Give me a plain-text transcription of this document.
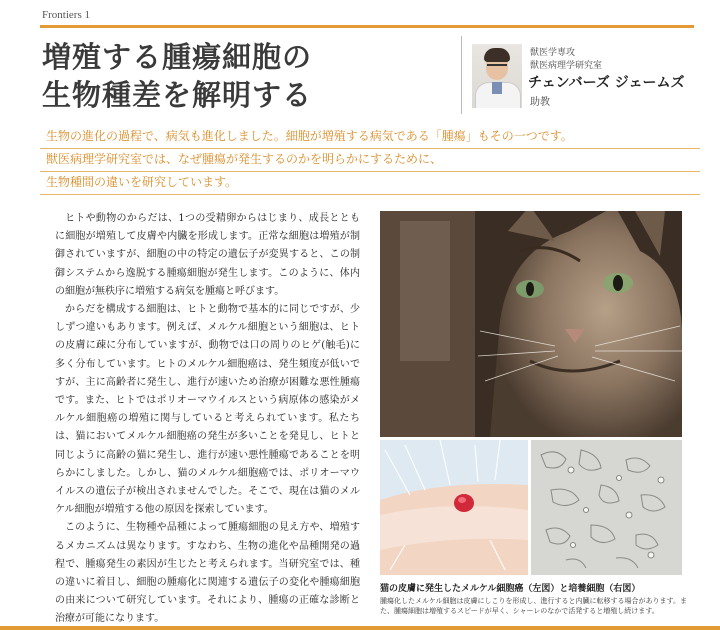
Frontiers 1
増殖する腫瘍細胞の
生物種差を解明する
獣医学専攻
獣医病理学研究室
チェンバーズ ジェームズ
助教
生物の進化の過程で、病気も進化しました。細胞が増殖する病気である「腫瘍」もその一つです。
獣医病理学研究室では、なぜ腫瘍が発生するのかを明らかにするために、
生物種間の違いを研究しています。

ヒトや動物のからだは、1つの受精卵からはじまり、成長とともに細胞が増殖して皮膚や内臓を形成します。正常な細胞は増殖が制御されていますが、細胞の中の特定の遺伝子が変異すると、この制御システムから逸脱する腫瘍細胞が発生します。このように、体内の細胞が無秩序に増殖する病気を腫瘍と呼びます。

からだを構成する細胞は、ヒトと動物で基本的に同じですが、少しずつ違いもあります。例えば、メルケル細胞という細胞は、ヒトの皮膚に疎に分布していますが、動物では口の周りのヒゲ(触毛)に多く分布しています。ヒトのメルケル細胞癌は、発生頻度が低いですが、主に高齢者に発生し、進行が速いため治療が困難な悪性腫瘍です。また、ヒトではポリオーマウイルスという病原体の感染がメルケル細胞癌の増殖に関与していると考えられています。私たちは、猫においてメルケル細胞癌の発生が多いことを発見し、ヒトと同じように高齢の猫に発生し、進行が速い悪性腫瘍であることを明らかにしました。しかし、猫のメルケル細胞癌では、ポリオーマウイルスの遺伝子が検出されませんでした。そこで、現在は猫のメルケル細胞が増殖する他の原因を探索しています。

このように、生物種や品種によって腫瘍細胞の見え方や、増殖するメカニズムは異なります。すなわち、生物の進化や品種開発の過程で、腫瘍発生の素因が生じたと考えられます。当研究室では、種の違いに着目し、細胞の腫瘍化に関連する遺伝子の変化や腫瘍細胞の由来について研究しています。それにより、腫瘍の正確な診断と治療が可能になります。

猫の皮膚に発生したメルケル細胞癌（左図）と培養細胞（右図）
腫瘍化したメルケル細胞は皮膚にしこりを形成し、進行すると内臓に転移する場合があります。また、腫瘍細胞は増殖するスピードが早く、シャーレのなかで活発すると増殖し続けます。
